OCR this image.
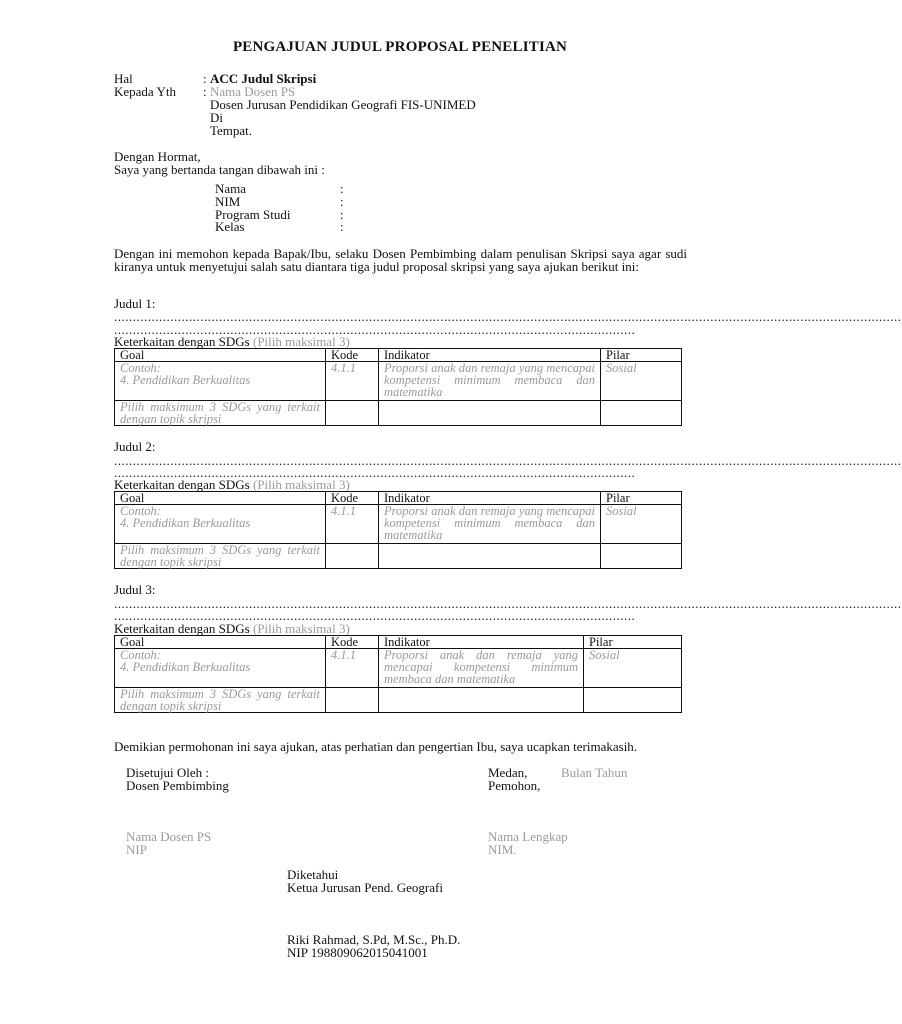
PENGAJUAN JUDUL PROPOSAL PENELITIAN
Hal	: ACC Judul Skripsi
Kepada Yth : Nama Dosen PS
Dosen Jurusan Pendidikan Geografi FIS-UNIMED
Di
Tempat.
Dengan Hormat,
Saya yang bertanda tangan dibawah ini :
Nama	:
NIM	:
Program Studi	:
Kelas	:
Dengan ini memohon kepada Bapak/Ibu, selaku Dosen Pembimbing dalam penulisan Skripsi saya agar sudi kiranya untuk menyetujui salah satu diantara tiga judul proposal skripsi yang saya ajukan berikut ini:
Judul 1:
..................................................................................................................................................................................................................
...........................................................................................................................................
Keterkaitan dengan SDGs (Pilih maksimal 3)
Goal	Kode	Indikator	Pilar

Contoh:
4. Pendidikan Berkualitas	4.1.1	Proporsi anak dan remaja yang mencapai kompetensi minimum membaca dan matematika	Sosial

Pilih maksimum 3 SDGs yang terkait dengan topik skripsi			

Judul 2:
..................................................................................................................................................................................................................
...........................................................................................................................................
Keterkaitan dengan SDGs (Pilih maksimal 3)
Goal	Kode	Indikator	Pilar

Contoh:
4. Pendidikan Berkualitas	4.1.1	Proporsi anak dan remaja yang mencapai kompetensi minimum membaca dan matematika	Sosial

Pilih maksimum 3 SDGs yang terkait dengan topik skripsi			

Judul 3:
..................................................................................................................................................................................................................
...........................................................................................................................................
Keterkaitan dengan SDGs (Pilih maksimal 3)
Goal	Kode	Indikator	Pilar

Contoh:
4. Pendidikan Berkualitas	4.1.1	Proporsi anak dan remaja yang mencapai kompetensi minimum membaca dan matematika	Sosial

Pilih maksimum 3 SDGs yang terkait dengan topik skripsi			

Demikian permohonan ini saya ajukan, atas perhatian dan pengertian Ibu, saya ucapkan terimakasih.
Disetujui Oleh :
Dosen Pembimbing
Nama Dosen PS
NIP
Medan,	Bulan Tahun
Pemohon,
Nama Lengkap
NIM.
Diketahui
Ketua Jurusan Pend. Geografi
Riki Rahmad, S.Pd, M.Sc., Ph.D.
NIP 198809062015041001
